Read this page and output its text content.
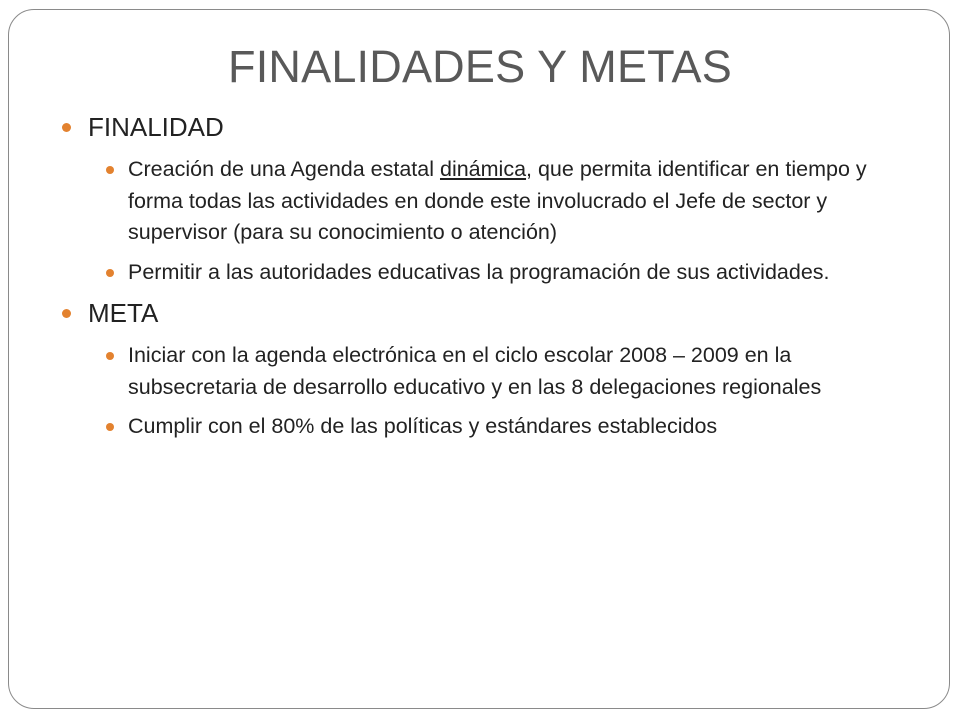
FINALIDADES Y METAS
FINALIDAD
Creación de una Agenda estatal dinámica, que permita identificar en tiempo y forma todas las actividades en donde este involucrado el Jefe de sector y supervisor (para su conocimiento o atención)
Permitir a las autoridades educativas la programación de sus actividades.
META
Iniciar con la agenda electrónica en el ciclo escolar 2008 – 2009 en la subsecretaria de desarrollo educativo y en las 8 delegaciones regionales
Cumplir con el 80% de las políticas y estándares establecidos
